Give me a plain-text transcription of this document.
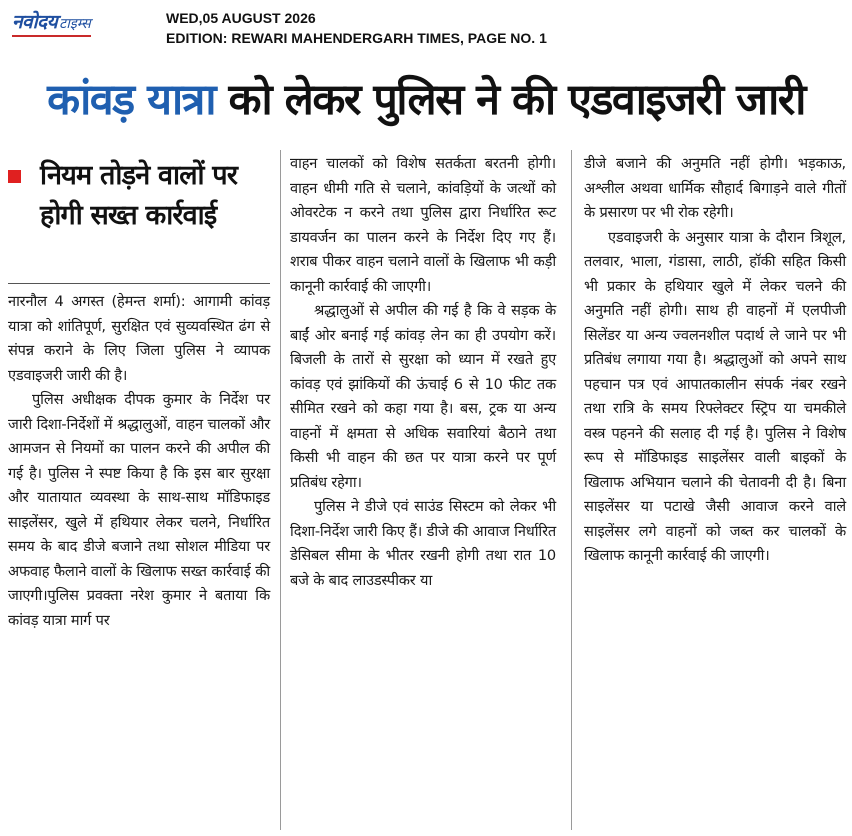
नवोदय टाइम्स	WED,05 AUGUST 2026
EDITION: REWARI MAHENDERGARH TIMES, PAGE NO. 1
कांवड़ यात्रा को लेकर पुलिस ने की एडवाइजरी जारी
नियम तोड़ने वालों पर होगी सख्त कार्रवाई

नारनौल 4 अगस्त (हेमन्त शर्मा): आगामी कांवड़ यात्रा को शांतिपूर्ण, सुरक्षित एवं सुव्यवस्थित ढंग से संपन्न कराने के लिए जिला पुलिस ने व्यापक एडवाइजरी जारी की है।

पुलिस अधीक्षक दीपक कुमार के निर्देश पर जारी दिशा-निर्देशों में श्रद्धालुओं, वाहन चालकों और आमजन से नियमों का पालन करने की अपील की गई है। पुलिस ने स्पष्ट किया है कि इस बार सुरक्षा और यातायात व्यवस्था के साथ-साथ मॉडिफाइड साइलेंसर, खुले में हथियार लेकर चलने, निर्धारित समय के बाद डीजे बजाने तथा सोशल मीडिया पर अफवाह फैलाने वालों के खिलाफ सख्त कार्रवाई की जाएगी।पुलिस प्रवक्ता नरेश कुमार ने बताया कि कांवड़ यात्रा मार्ग पर

वाहन चालकों को विशेष सतर्कता बरतनी होगी। वाहन धीमी गति से चलाने, कांवड़ियों के जत्थों को ओवरटेक न करने तथा पुलिस द्वारा निर्धारित रूट डायवर्जन का पालन करने के निर्देश दिए गए हैं। शराब पीकर वाहन चलाने वालों के खिलाफ भी कड़ी कानूनी कार्रवाई की जाएगी।

श्रद्धालुओं से अपील की गई है कि वे सड़क के बाईं ओर बनाई गई कांवड़ लेन का ही उपयोग करें। बिजली के तारों से सुरक्षा को ध्यान में रखते हुए कांवड़ एवं झांकियों की ऊंचाई 6 से 10 फीट तक सीमित रखने को कहा गया है। बस, ट्रक या अन्य वाहनों में क्षमता से अधिक सवारियां बैठाने तथा किसी भी वाहन की छत पर यात्रा करने पर पूर्ण प्रतिबंध रहेगा।

पुलिस ने डीजे एवं साउंड सिस्टम को लेकर भी दिशा-निर्देश जारी किए हैं। डीजे की आवाज निर्धारित डेसिबल सीमा के भीतर रखनी होगी तथा रात 10 बजे के बाद लाउडस्पीकर या

डीजे बजाने की अनुमति नहीं होगी। भड़काऊ, अश्लील अथवा धार्मिक सौहार्द बिगाड़ने वाले गीतों के प्रसारण पर भी रोक रहेगी।

एडवाइजरी के अनुसार यात्रा के दौरान त्रिशूल, तलवार, भाला, गंडासा, लाठी, हॉकी सहित किसी भी प्रकार के हथियार खुले में लेकर चलने की अनुमति नहीं होगी। साथ ही वाहनों में एलपीजी सिलेंडर या अन्य ज्वलनशील पदार्थ ले जाने पर भी प्रतिबंध लगाया गया है। श्रद्धालुओं को अपने साथ पहचान पत्र एवं आपातकालीन संपर्क नंबर रखने तथा रात्रि के समय रिफ्लेक्टर स्ट्रिप या चमकीले वस्त्र पहनने की सलाह दी गई है। पुलिस ने विशेष रूप से मॉडिफाइड साइलेंसर वाली बाइकों के खिलाफ अभियान चलाने की चेतावनी दी है। बिना साइलेंसर या पटाखे जैसी आवाज करने वाले साइलेंसर लगे वाहनों को जब्त कर चालकों के खिलाफ कानूनी कार्रवाई की जाएगी।
